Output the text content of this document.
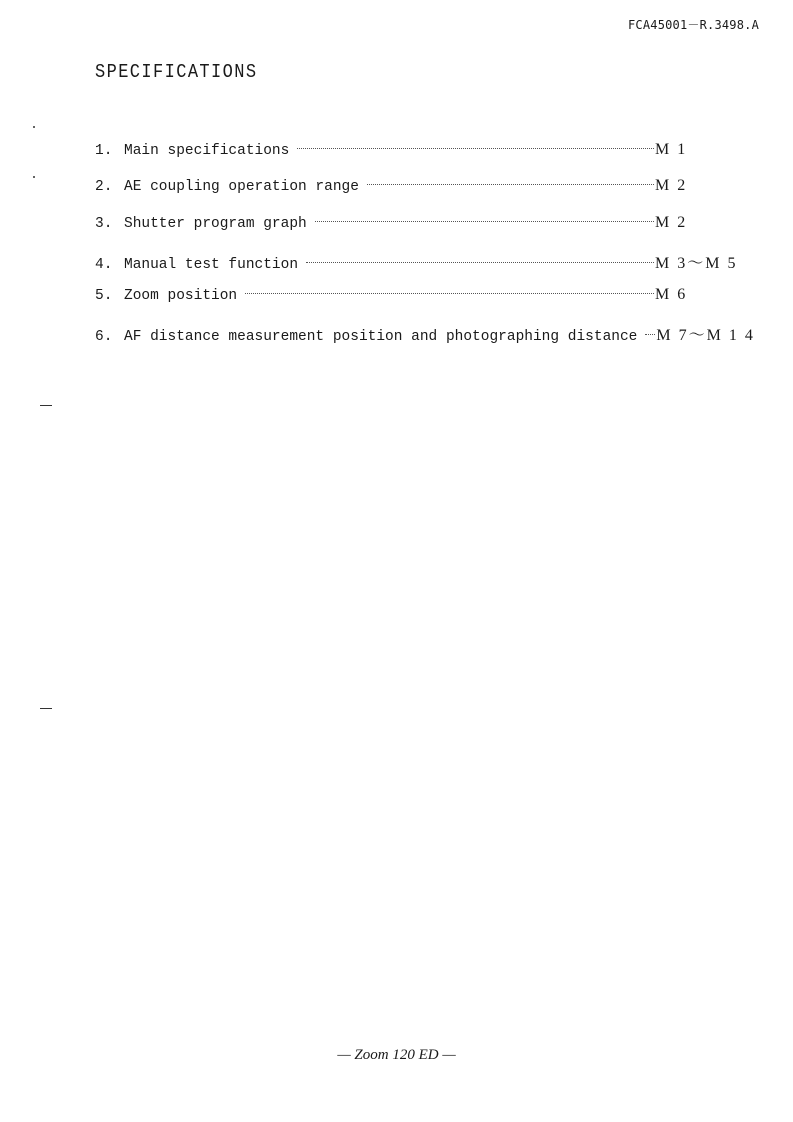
FCA45001－R.3498.A
SPECIFICATIONS
1. Main specifications	M 1
2. AE coupling operation range	M 2
3. Shutter program graph	M 2
4. Manual test function	M 3～M 5
5. Zoom position	M 6
6. AF distance measurement position and photographing distance M 7～M 1 4
— Zoom 120 ED —
